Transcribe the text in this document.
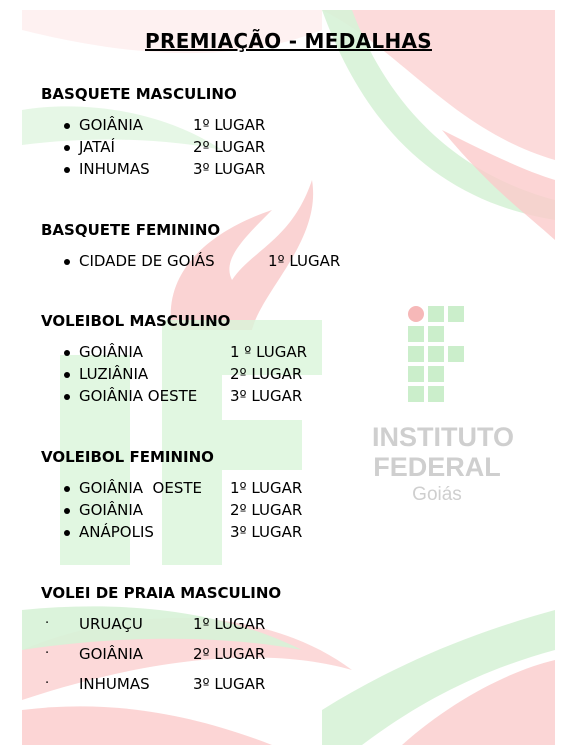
INSTITUTO
FEDERAL
Goiás
PREMIAÇÃO - MEDALHAS

BASQUETE MASCULINO

GOIÂNIA	1º LUGAR
JATAÍ	2º LUGAR
INHUMAS	3º LUGAR

BASQUETE FEMININO

CIDADE DE GOIÁS	1º LUGAR

VOLEIBOL MASCULINO

GOIÂNIA	1 º LUGAR
LUZIÂNIA	2º LUGAR
GOIÂNIA OESTE 3º LUGAR

VOLEIBOL FEMININO

GOIÂNIA  OESTE 1º LUGAR
GOIÂNIA	2º LUGAR
ANÁPOLIS	3º LUGAR

VOLEI DE PRAIA MASCULINO

· URUAÇU	1º LUGAR
· GOIÂNIA	2º LUGAR
· INHUMAS	3º LUGAR
